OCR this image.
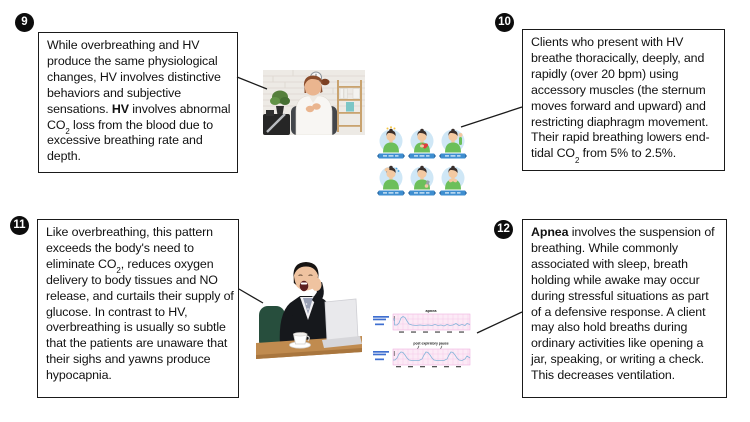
9	10
11	12
While overbreathing and HV produce the same physiological changes, HV involves distinctive behaviors and subjective sensations. HV involves abnormal $CO_2$ loss from the blood due to excessive breathing rate and depth.
Clients who present with HV breathe thoracically, deeply, and rapidly (over 20 bpm) using accessory muscles (the sternum moves forward and upward) and restricting diaphragm movement. Their rapid breathing lowers end-tidal $CO_2$ from 5% to 2.5%.
Like overbreathing, this pattern exceeds the body's need to eliminate $CO_2$, reduces oxygen delivery to body tissues and NO release, and curtails their supply of glucose. In contrast to HV, overbreathing is usually so subtle that the patients are unaware that their sighs and yawns produce hypocapnia.
Apnea involves the suspension of breathing. While commonly associated with sleep, breath holding while awake may occur during stressful situations as part of a defensive response. A client may also hold breaths during ordinary activities like opening a jar, speaking, or writing a check. This decreases ventilation.
apnea
post expiratory pause
